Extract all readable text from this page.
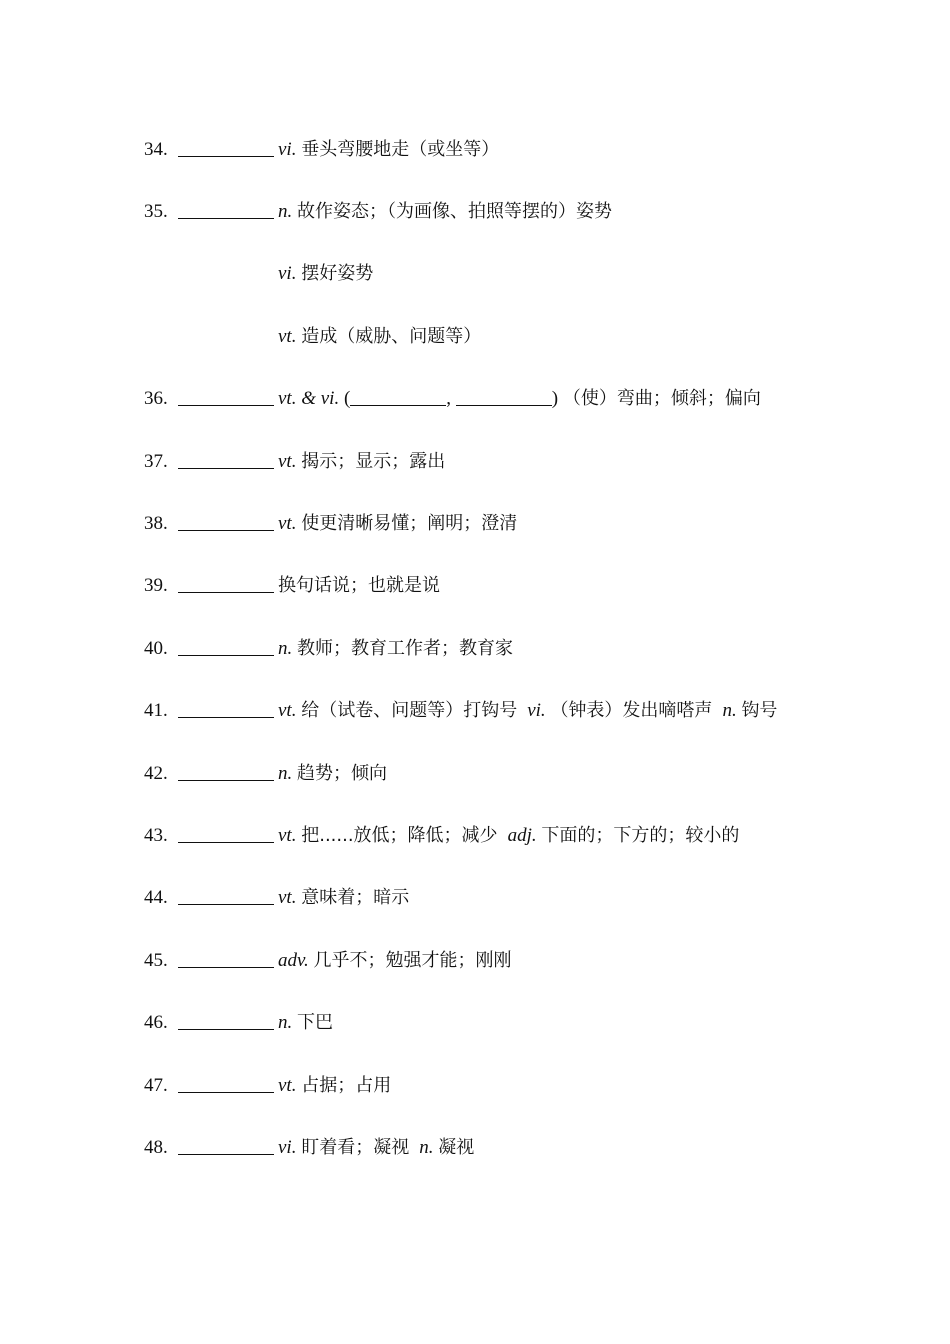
34.	vi. 垂头弯腰地走（或坐等）
35.	n. 故作姿态；（为画像、拍照等摆的）姿势
vi. 摆好姿势
vt. 造成（威胁、问题等）
36.	vt. & vi. (	,	) （使）弯曲；倾斜；偏向
37.	vt. 揭示；显示；露出
38.	vt. 使更清晰易懂；阐明；澄清
39.	换句话说；也就是说
40.	n. 教师；教育工作者；教育家
41.	vt. 给（试卷、问题等）打钩号 vi. （钟表）发出嘀嗒声 n. 钩号
42.	n. 趋势；倾向
43.	vt. 把......放低；降低；减少 adj. 下面的；下方的；较小的
44.	vt. 意味着；暗示
45.	adv. 几乎不；勉强才能；刚刚
46.	n. 下巴
47.	vt. 占据；占用
48.	vi. 盯着看；凝视 n. 凝视
